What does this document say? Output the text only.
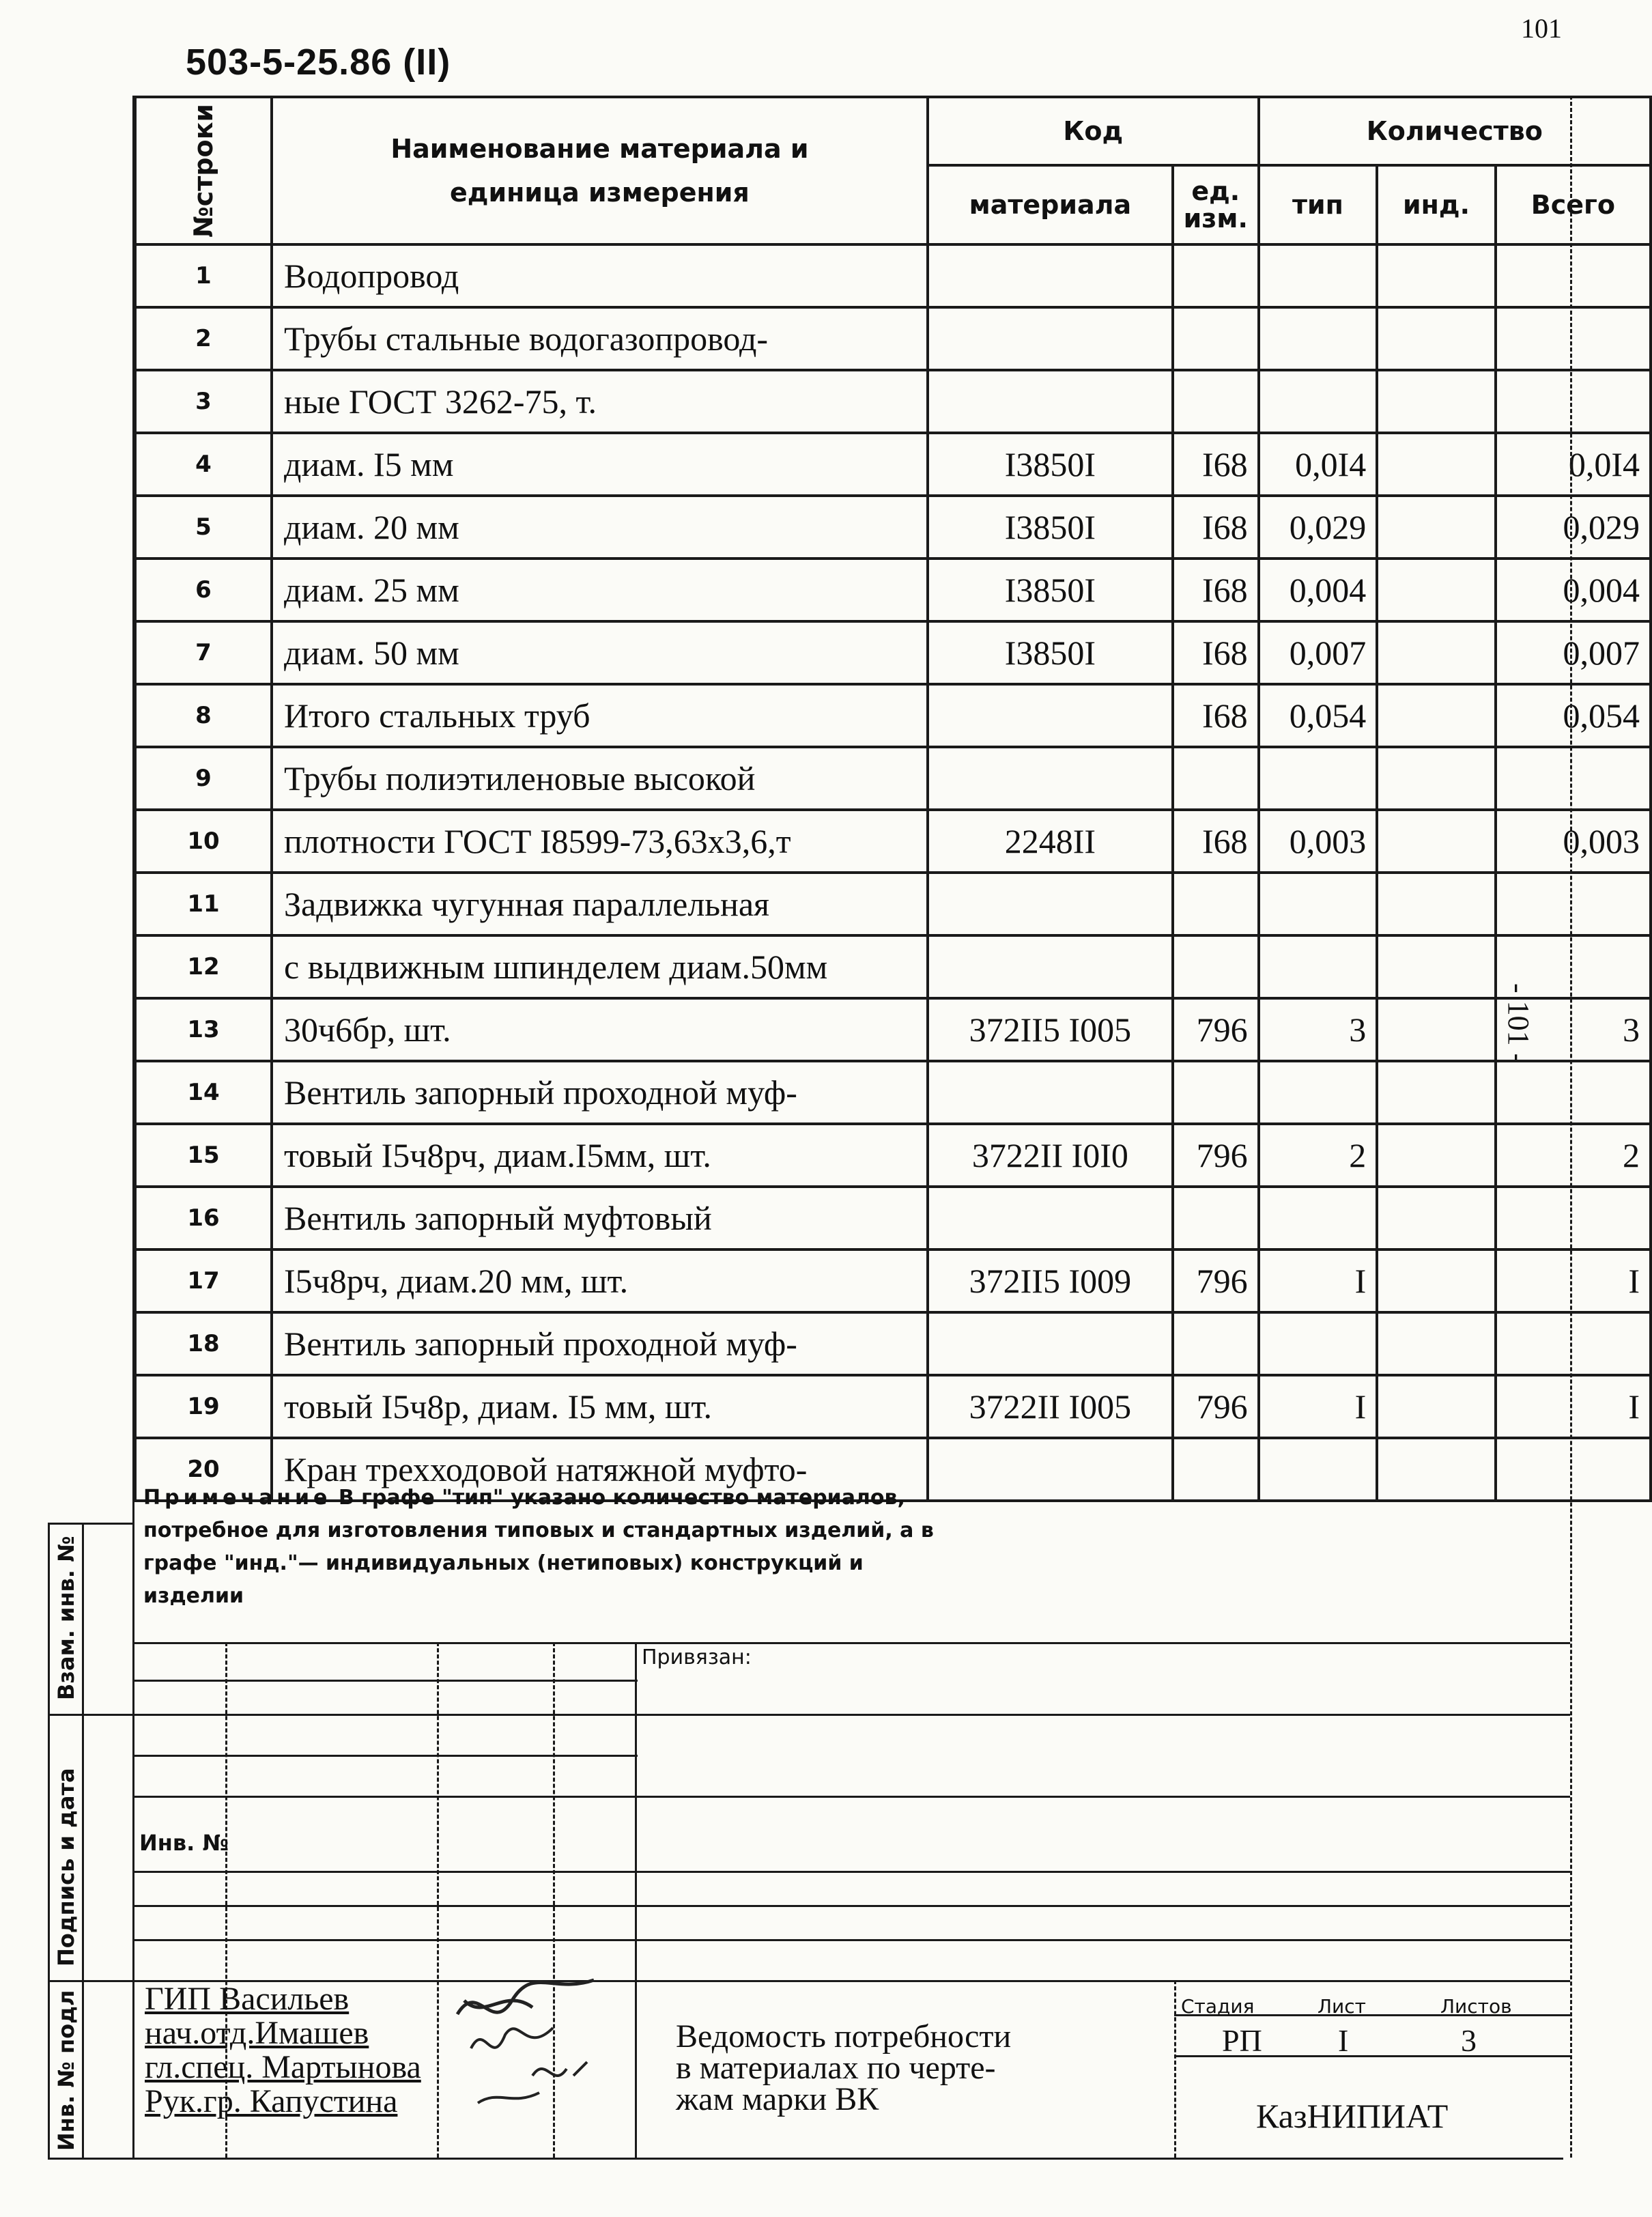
503-5-25.86 (II)
101
- 101 -
№строки	Наименование материала и единица измерения	Код		Количество		
		материала	ед. изм.	тип	инд.	Всего
1	Водопровод					
2	Трубы стальные водогазопровод-					
3	ные ГОСТ 3262-75, т.					
4	диам. I5 мм	I3850I	I68	0,0I4		0,0I4
5	диам. 20 мм	I3850I	I68	0,029		0,029
6	диам. 25 мм	I3850I	I68	0,004		0,004
7	диам. 50 мм	I3850I	I68	0,007		0,007
8	Итого стальных труб		I68	0,054		0,054
9	Трубы полиэтиленовые высокой					
10	плотности ГОСТ I8599-73,63х3,6,т	2248II	I68	0,003		0,003
11	Задвижка чугунная параллельная					
12	с выдвижным шпинделем диам.50мм					
13	30ч6бр, шт.	372II5 I005	796	3		3
14	Вентиль запорный проходной муф-					
15	товый I5ч8рч, диам.I5мм, шт.	3722II I0I0	796	2		2
16	Вентиль запорный муфтовый					
17	I5ч8рч, диам.20 мм, шт.	372II5 I009	796	I		I
18	Вентиль запорный проходной муф-					
19	товый I5ч8р, диам. I5 мм, шт.	3722II I005	796	I		I
20	Кран трехходовой натяжной муфто-					
Примечание В графе "тип" указано количество материалов, потребное для изготовления типовых и стандартных изделий, а в графе "инд."— индивидуальных (нетиповых) конструкций и изделии
Взам. инв. №
Подпись и дата
Инв. № подл
Привязан:
Инв. №
ГИП Васильев
нач.отд.Имашев
гл.спец. Мартынова
Рук.гр. Капустина
Ведомость потребности
в материалах по черте-
жам марки ВК
Стадия	Лист	Листов
РП I	3
КазНИПИАТ
